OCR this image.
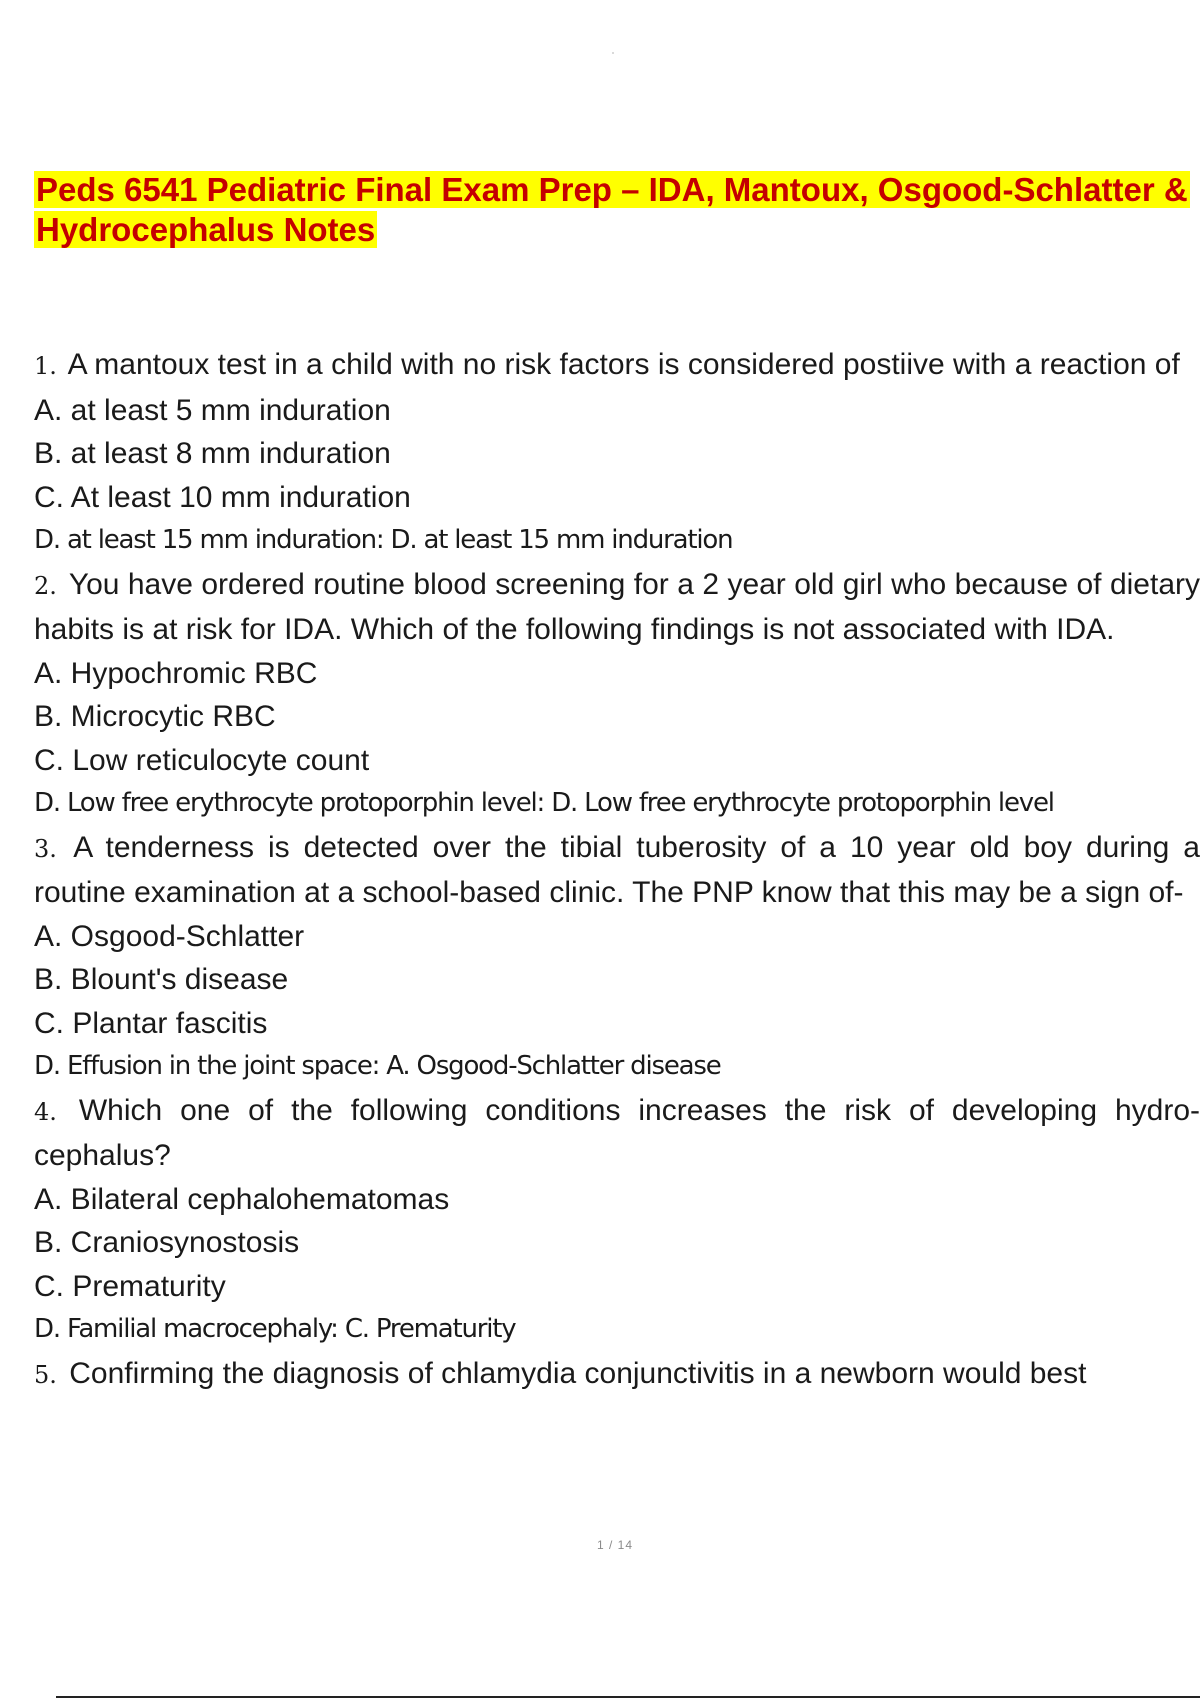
Peds 6541 Pediatric Final Exam Prep – IDA, Mantoux, Osgood-Schlatter &
Hydrocephalus Notes

1. A mantoux test in a child with no risk factors is considered postiive with a reaction of

A. at least 5 mm induration

B. at least 8 mm induration

C. At least 10 mm induration

D. at least 15 mm induration: D. at least 15 mm induration

2. You have ordered routine blood screening for a 2 year old girl who because of dietary habits is at risk for IDA. Which of the following findings is not associated with IDA.

A. Hypochromic RBC

B. Microcytic RBC

C. Low reticulocyte count

D. Low free erythrocyte protoporphin level: D. Low free erythrocyte protoporphin level

3. A tenderness is detected over the tibial tuberosity of a 10 year old boy during a routine examination at a school-based clinic. The PNP know that this may be a sign of-

A. Osgood-Schlatter

B. Blount's disease

C. Plantar fascitis

D. Effusion in the joint space: A. Osgood-Schlatter disease

4. Which one of the following conditions increases the risk of developing hydro- cephalus?

A. Bilateral cephalohematomas

B. Craniosynostosis

C. Prematurity

D. Familial macrocephaly: C. Prematurity

5. Confirming the diagnosis of chlamydia conjunctivitis in a newborn would best

1 / 14
